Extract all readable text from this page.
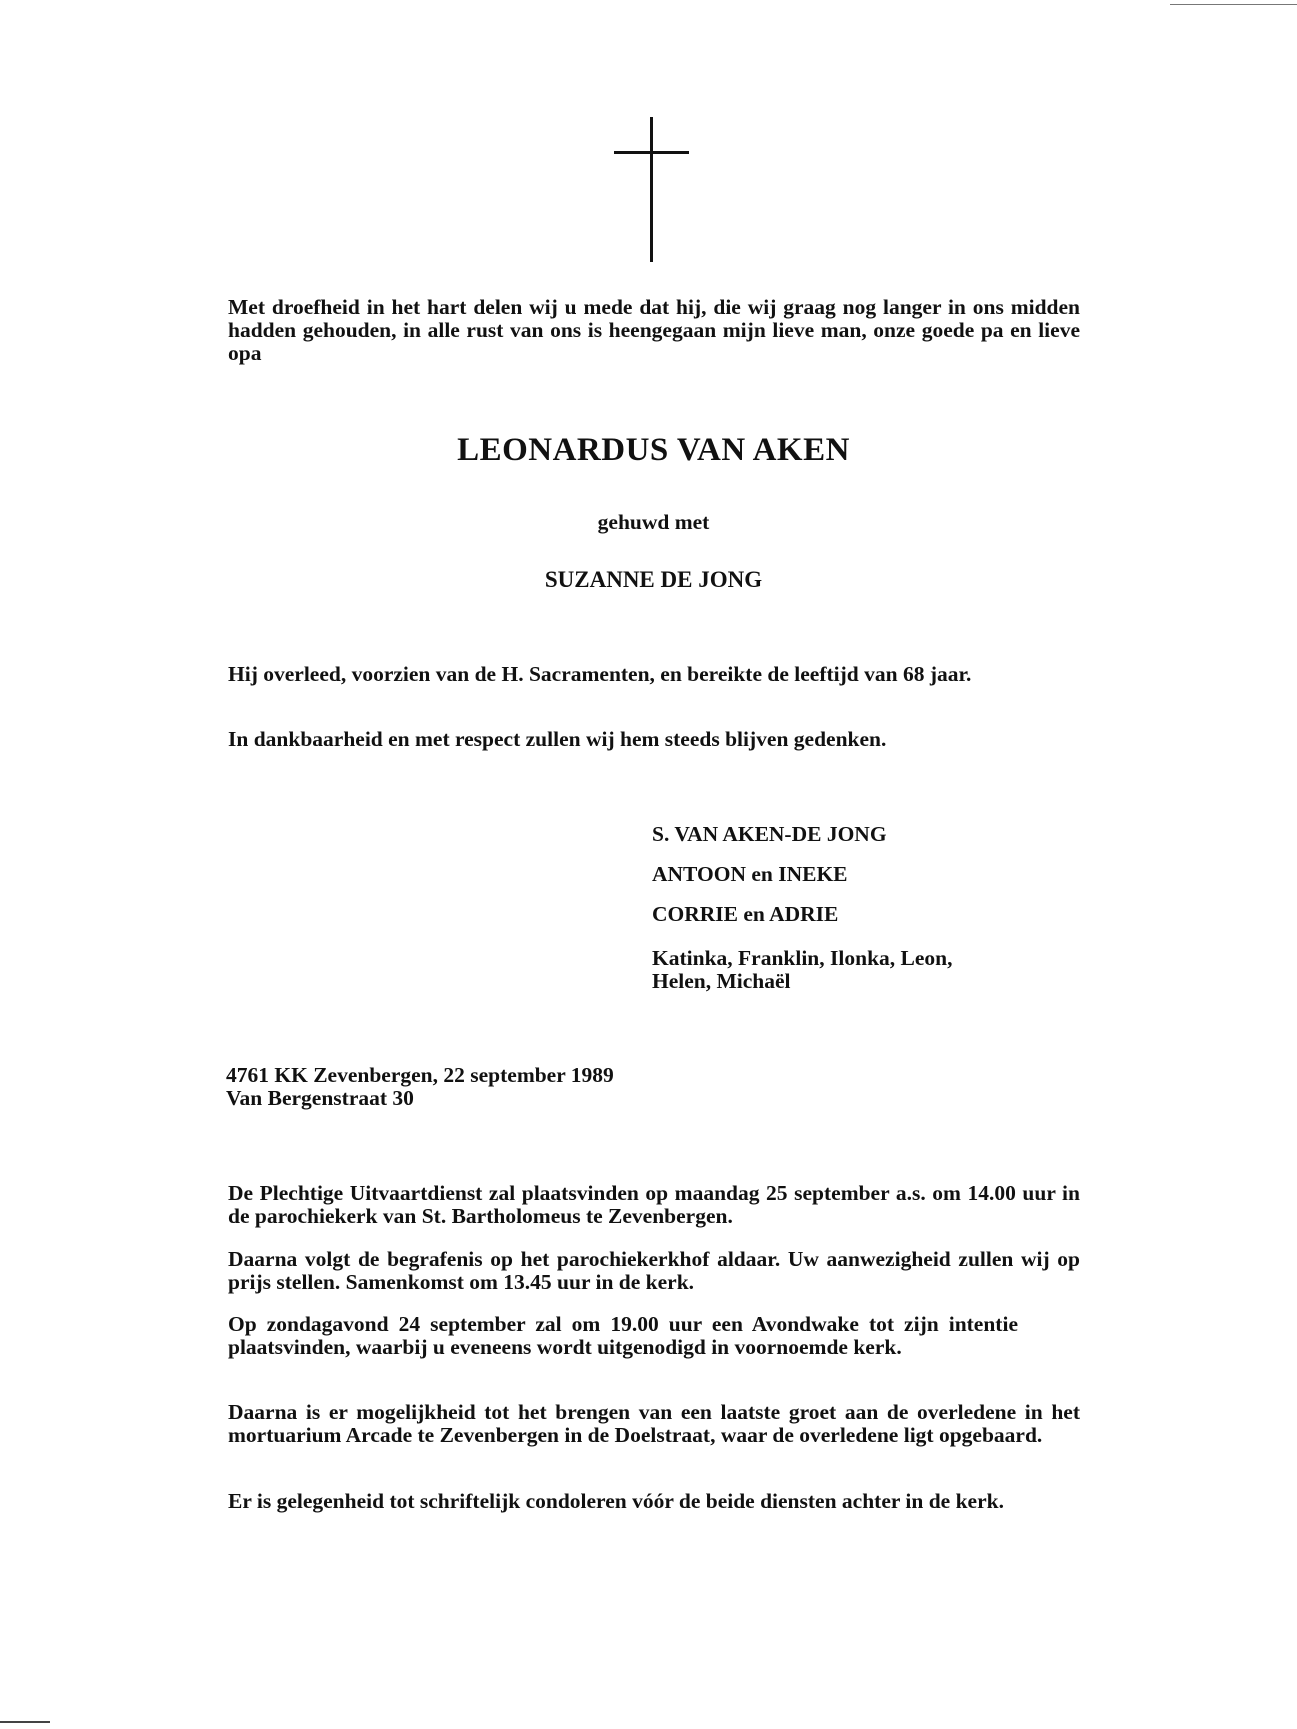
Met droefheid in het hart delen wij u mede dat hij, die wij graag nog langer in ons midden hadden gehouden, in alle rust van ons is heengegaan mijn lieve man, onze goede pa en lieve opa

LEONARDUS VAN AKEN
gehuwd met
SUZANNE DE JONG

Hij overleed, voorzien van de H. Sacramenten, en bereikte de leeftijd van 68 jaar.

In dankbaarheid en met respect zullen wij hem steeds blijven gedenken.

S. VAN AKEN-DE JONG
ANTOON en INEKE
CORRIE en ADRIE
Katinka, Franklin, Ilonka, Leon,
Helen, Michaël
4761 KK Zevenbergen, 22 september 1989
Van Bergenstraat 30

De Plechtige Uitvaartdienst zal plaatsvinden op maandag 25 september a.s. om 14.00 uur in de parochiekerk van St. Bartholomeus te Zevenbergen.

Daarna volgt de begrafenis op het parochiekerkhof aldaar. Uw aanwezigheid zullen wij op prijs stellen. Samenkomst om 13.45 uur in de kerk.

Op zondagavond 24 september zal om 19.00 uur een Avondwake tot zijn intentie plaatsvinden, waarbij u eveneens wordt uitgenodigd in voornoemde kerk.

Daarna is er mogelijkheid tot het brengen van een laatste groet aan de overledene in het mortuarium Arcade te Zevenbergen in de Doelstraat, waar de overledene ligt opgebaard.

Er is gelegenheid tot schriftelijk condoleren vóór de beide diensten achter in de kerk.
